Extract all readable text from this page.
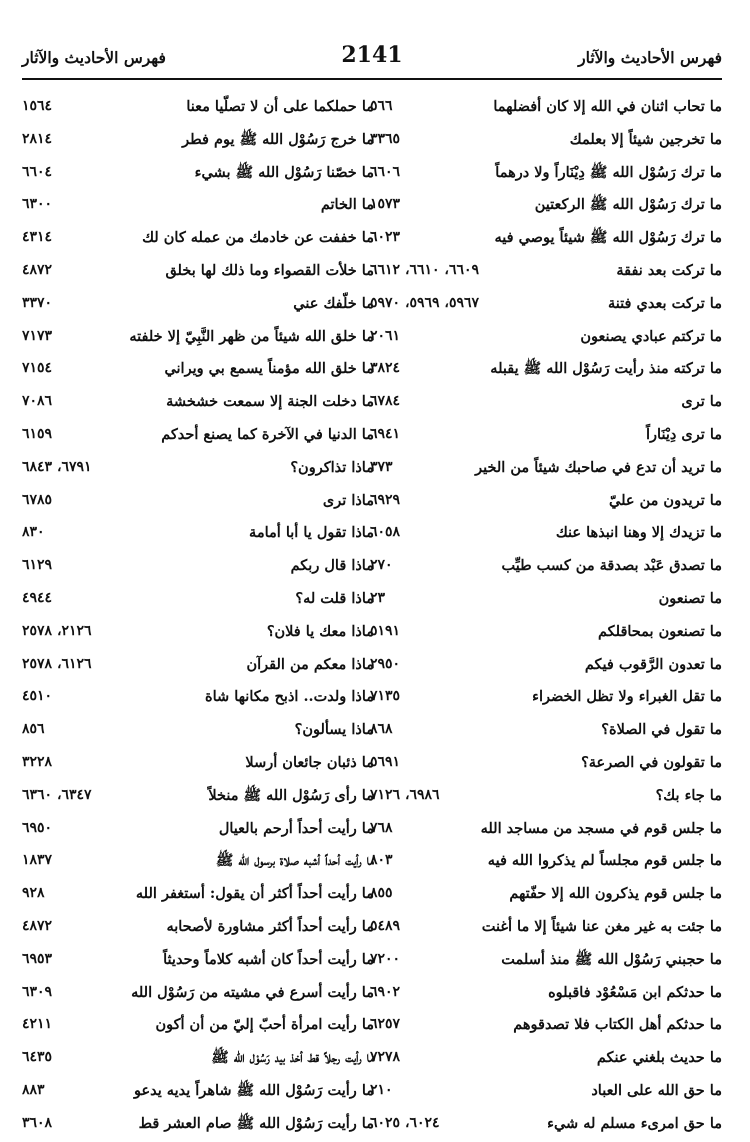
فهرس الأحاديث والآثار
2141
فهرس الأحاديث والآثار
ما تحاب اثنان في الله إلا كان أفضلهما
٥٦٦
ما تخرجين شيئاً إلا بعلمك
٣٣٦٥
ما ترك رَسُوْل الله ﷺ دِيْنَاراً ولا درهماً
٦٦٠٦
ما ترك رَسُوْل الله ﷺ الركعتين
١٥٧٣
ما ترك رَسُوْل الله ﷺ شيئاً يوصي فيه
٦٠٢٣
ما تركت بعد نفقة
٦٦٠٩، ٦٦١٠، ٦٦١٢
ما تركت بعدي فتنة
٥٩٦٧، ٥٩٦٩، ٥٩٧٠
ما تركتم عبادي يصنعون
٢٠٦١
ما تركته منذ رأيت رَسُوْل الله ﷺ يقبله
٣٨٢٤
ما ترى
٦٧٨٤
ما ترى دِيْنَاراً
٦٩٤١
ما تريد أن تدع في صاحبك شيئاً من الخير
٣٧٣
ما تريدون من عليّ
٦٩٢٩
ما تزيدك إلا وهنا انبذها عنك
٦٠٥٨
ما تصدق عَبْد بصدقة من كسب طيِّب
٢٧٠
ما تصنعون
٢٣
ما تصنعون بمحاقلكم
٥١٩١
ما تعدون الرَّقوب فيكم
٢٩٥٠
ما تقل الغبراء ولا تظل الخضراء
٧١٣٥
ما تقول في الصلاة؟
٨٦٨
ما تقولون في الصرعة؟
٥٦٩١
ما جاء بك؟
٦٩٨٦، ٧١٢٦
ما جلس قوم في مسجد من مساجد الله
٧٦٨
ما جلس قوم مجلساً لم يذكروا الله فيه
٨٠٣
ما جلس قوم يذكرون الله إلا حفّتهم
٨٥٥
ما جئت به غير مغن عنا شيئاً إلا ما أغنت
٥٤٨٩
ما حجبني رَسُوْل الله ﷺ منذ أسلمت
٧٢٠٠
ما حدثكم ابن مَسْعُوْد فاقبلوه
٦٩٠٢
ما حدثكم أهل الكتاب فلا تصدقوهم
٦٢٥٧
ما حديث بلغني عنكم
٧٢٧٨
ما حق الله على العباد
٢١٠
ما حق امرىء مسلم له شيء
٦٠٢٤، ٦٠٢٥
ما حملكما على أن لا تصلّيا معنا
١٥٦٤
ما خرج رَسُوْل الله ﷺ يوم فطر
٢٨١٤
ما خصّنا رَسُوْل الله ﷺ بشيء
٦٦٠٤
ما الخاتم
٦٣٠٠
ما خففت عن خادمك من عمله كان لك
٤٣١٤
ما خلأت القصواء وما ذلك لها بخلق
٤٨٧٢
ما خلّفك عني
٣٣٧٠
ما خلق الله شيئاً من ظهر النَّبِيّ إلا خلفته
٧١٧٣
ما خلق الله مؤمناً يسمع بي ويراني
٧١٥٤
ما دخلت الجنة إلا سمعت خشخشة
٧٠٨٦
ما الدنيا في الآخرة كما يصنع أحدكم
٦١٥٩
ماذا تذاكرون؟
٦٧٩١، ٦٨٤٣
ماذا ترى
٦٧٨٥
ماذا تقول يا أبا أمامة
٨٣٠
ماذا قال ربكم
٦١٢٩
ماذا قلت له؟
٤٩٤٤
ماذا معك يا فلان؟
٢١٢٦، ٢٥٧٨
ماذا معكم من القرآن
٦١٢٦، ٢٥٧٨
ماذا ولدت.. اذبح مكانها شاة
٤٥١٠
ماذا يسألون؟
٨٥٦
ما ذئبان جائعان أرسلا
٣٢٢٨
ما رأى رَسُوْل الله ﷺ منخلاً
٦٣٤٧، ٦٣٦٠
ما رأيت أحداً أرحم بالعيال
٦٩٥٠
ما رأيت أحداً أشبه صلاة برسول الله ﷺ
١٨٣٧
ما رأيت أحداً أكثر أن يقول: أستغفر الله
٩٢٨
ما رأيت أحداً أكثر مشاورة لأصحابه
٤٨٧٢
ما رأيت أحداً كان أشبه كلاماً وحديثاً
٦٩٥٣
ما رأيت أسرع في مشيته من رَسُوْل الله
٦٣٠٩
ما رأيت امرأة أحبّ إليّ من أن أكون
٤٢١١
ما رأيت رجلاً قط أخذ بيد رَسُوْل الله ﷺ
٦٤٣٥
ما رأيت رَسُوْل الله ﷺ شاهراً يديه يدعو
٨٨٣
ما رأيت رَسُوْل الله ﷺ صام العشر قط
٣٦٠٨
